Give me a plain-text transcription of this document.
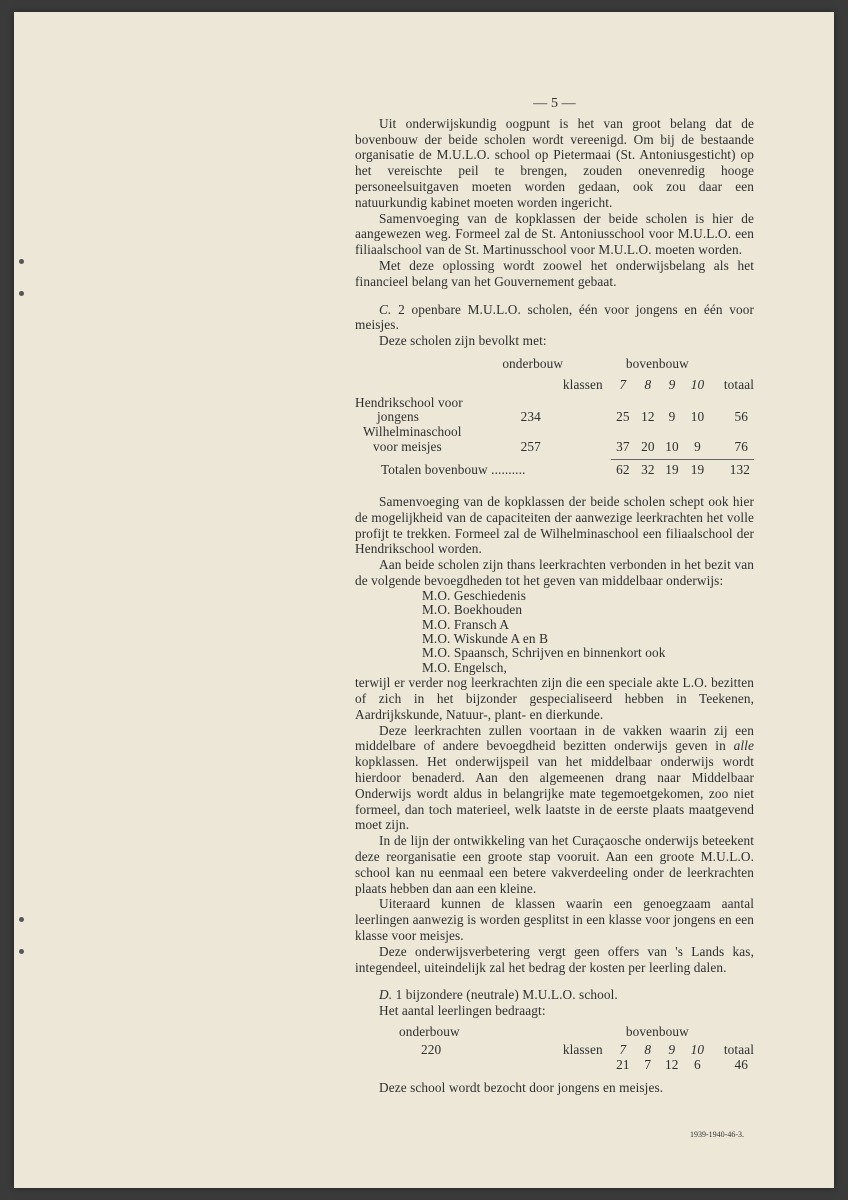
— 5 —

Uit onderwijskundig oogpunt is het van groot belang dat de bovenbouw der beide scholen wordt vereenigd. Om bij de bestaande organisatie de M.U.L.O. school op Pietermaai (St. Antoniusgesticht) op het vereischte peil te brengen, zouden onevenredig hooge personeelsuitgaven moeten worden gedaan, ook zou daar een natuurkundig kabinet moeten worden ingericht.

Samenvoeging van de kopklassen der beide scholen is hier de aangewezen weg. Formeel zal de St. Antoniusschool voor M.U.L.O. een filiaalschool van de St. Martinusschool voor M.U.L.O. moeten worden.

Met deze oplossing wordt zoowel het onderwijsbelang als het financieel belang van het Gouvernement gebaat.

C. 2 openbare M.U.L.O. scholen, één voor jongens en één voor meisjes.

Deze scholen zijn bevolkt met:

	onderbouw		bovenbouw				

		klassen	7	8	9	10	totaal
Hendrikschool voor							
jongens	234		25	12	9	10	56
Wilhelminaschool							
voor meisjes	257		37	20	10	9	76

Totalen bovenbouw ..........			62	32	19	19	132

Samenvoeging van de kopklassen der beide scholen schept ook hier de mogelijkheid van de capaciteiten der aanwezige leerkrachten het volle profijt te trekken. Formeel zal de Wilhelminaschool een filiaalschool der Hendrikschool worden.

Aan beide scholen zijn thans leerkrachten verbonden in het bezit van de volgende bevoegdheden tot het geven van middelbaar onderwijs:

M.O. Geschiedenis
M.O. Boekhouden
M.O. Fransch A
M.O. Wiskunde A en B
M.O. Spaansch, Schrijven en binnenkort ook
M.O. Engelsch,

terwijl er verder nog leerkrachten zijn die een speciale akte L.O. bezitten of zich in het bijzonder gespecialiseerd hebben in Teekenen, Aardrijkskunde, Natuur-, plant- en dierkunde.

Deze leerkrachten zullen voortaan in de vakken waarin zij een middelbare of andere bevoegdheid bezitten onderwijs geven in alle kopklassen. Het onderwijspeil van het middelbaar onderwijs wordt hierdoor benaderd. Aan den algemeenen drang naar Middelbaar Onderwijs wordt aldus in belangrijke mate tegemoetgekomen, zoo niet formeel, dan toch materieel, welk laatste in de eerste plaats maatgevend moet zijn.

In de lijn der ontwikkeling van het Curaçaosche onderwijs beteekent deze reorganisatie een groote stap vooruit. Aan een groote M.U.L.O. school kan nu eenmaal een betere vakverdeeling onder de leerkrachten plaats hebben dan aan een kleine.

Uiteraard kunnen de klassen waarin een genoegzaam aantal leerlingen aanwezig is worden gesplitst in een klasse voor jongens en een klasse voor meisjes.

Deze onderwijsverbetering vergt geen offers van 's Lands kas, integendeel, uiteindelijk zal het bedrag der kosten per leerling dalen.

D. 1 bijzondere (neutrale) M.U.L.O. school.

Het aantal leerlingen bedraagt:

onderbouw			bovenbouw				
220		klassen	7	8	9	10	totaal
			21	7	12	6	46

Deze school wordt bezocht door jongens en meisjes.

1939-1940-46-3.
